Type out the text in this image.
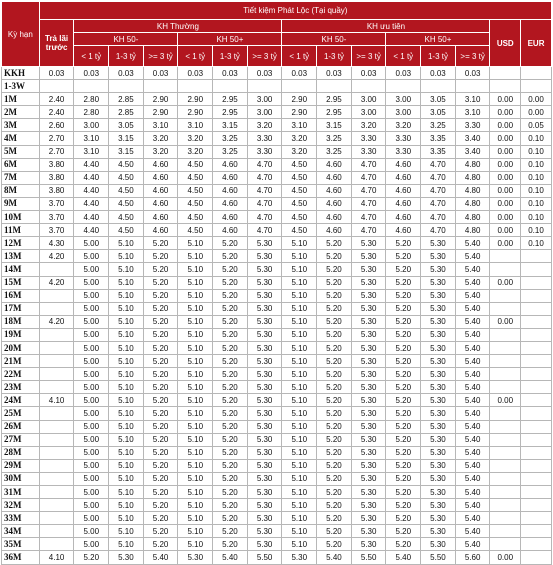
Kỳ hạn	Tiết kiệm Phát Lộc (Tại quầy)														
	Trả lãi trước	KH Thường						KH ưu tiên						USD	EUR
		KH 50-			KH 50+			KH 50-			KH 50+				
		< 1 tỷ	1-3 tỷ	>= 3 tỷ	< 1 tỷ	1-3 tỷ	>= 3 tỷ	< 1 tỷ	1-3 tỷ	>= 3 tỷ	< 1 tỷ	1-3 tỷ	>= 3 tỷ		
KKH	0.03	0.03	0.03	0.03	0.03	0.03	0.03	0.03	0.03	0.03	0.03	0.03	0.03		
1-3W															
1M	2.40	2.80	2.85	2.90	2.90	2.95	3.00	2.90	2.95	3.00	3.00	3.05	3.10	0.00	0.00
2M	2.40	2.80	2.85	2.90	2.90	2.95	3.00	2.90	2.95	3.00	3.00	3.05	3.10	0.00	0.00
3M	2.60	3.00	3.05	3.10	3.10	3.15	3.20	3.10	3.15	3.20	3.20	3.25	3.30	0.00	0.05
4M	2.70	3.10	3.15	3.20	3.20	3.25	3.30	3.20	3.25	3.30	3.30	3.35	3.40	0.00	0.10
5M	2.70	3.10	3.15	3.20	3.20	3.25	3.30	3.20	3.25	3.30	3.30	3.35	3.40	0.00	0.10
6M	3.80	4.40	4.50	4.60	4.50	4.60	4.70	4.50	4.60	4.70	4.60	4.70	4.80	0.00	0.10
7M	3.80	4.40	4.50	4.60	4.50	4.60	4.70	4.50	4.60	4.70	4.60	4.70	4.80	0.00	0.10
8M	3.80	4.40	4.50	4.60	4.50	4.60	4.70	4.50	4.60	4.70	4.60	4.70	4.80	0.00	0.10
9M	3.70	4.40	4.50	4.60	4.50	4.60	4.70	4.50	4.60	4.70	4.60	4.70	4.80	0.00	0.10
10M	3.70	4.40	4.50	4.60	4.50	4.60	4.70	4.50	4.60	4.70	4.60	4.70	4.80	0.00	0.10
11M	3.70	4.40	4.50	4.60	4.50	4.60	4.70	4.50	4.60	4.70	4.60	4.70	4.80	0.00	0.10
12M	4.30	5.00	5.10	5.20	5.10	5.20	5.30	5.10	5.20	5.30	5.20	5.30	5.40	0.00	0.10
13M	4.20	5.00	5.10	5.20	5.10	5.20	5.30	5.10	5.20	5.30	5.20	5.30	5.40		
14M		5.00	5.10	5.20	5.10	5.20	5.30	5.10	5.20	5.30	5.20	5.30	5.40		
15M	4.20	5.00	5.10	5.20	5.10	5.20	5.30	5.10	5.20	5.30	5.20	5.30	5.40	0.00	
16M		5.00	5.10	5.20	5.10	5.20	5.30	5.10	5.20	5.30	5.20	5.30	5.40		
17M		5.00	5.10	5.20	5.10	5.20	5.30	5.10	5.20	5.30	5.20	5.30	5.40		
18M	4.20	5.00	5.10	5.20	5.10	5.20	5.30	5.10	5.20	5.30	5.20	5.30	5.40	0.00	
19M		5.00	5.10	5.20	5.10	5.20	5.30	5.10	5.20	5.30	5.20	5.30	5.40		
20M		5.00	5.10	5.20	5.10	5.20	5.30	5.10	5.20	5.30	5.20	5.30	5.40		
21M		5.00	5.10	5.20	5.10	5.20	5.30	5.10	5.20	5.30	5.20	5.30	5.40		
22M		5.00	5.10	5.20	5.10	5.20	5.30	5.10	5.20	5.30	5.20	5.30	5.40		
23M		5.00	5.10	5.20	5.10	5.20	5.30	5.10	5.20	5.30	5.20	5.30	5.40		
24M	4.10	5.00	5.10	5.20	5.10	5.20	5.30	5.10	5.20	5.30	5.20	5.30	5.40	0.00	
25M		5.00	5.10	5.20	5.10	5.20	5.30	5.10	5.20	5.30	5.20	5.30	5.40		
26M		5.00	5.10	5.20	5.10	5.20	5.30	5.10	5.20	5.30	5.20	5.30	5.40		
27M		5.00	5.10	5.20	5.10	5.20	5.30	5.10	5.20	5.30	5.20	5.30	5.40		
28M		5.00	5.10	5.20	5.10	5.20	5.30	5.10	5.20	5.30	5.20	5.30	5.40		
29M		5.00	5.10	5.20	5.10	5.20	5.30	5.10	5.20	5.30	5.20	5.30	5.40		
30M		5.00	5.10	5.20	5.10	5.20	5.30	5.10	5.20	5.30	5.20	5.30	5.40		
31M		5.00	5.10	5.20	5.10	5.20	5.30	5.10	5.20	5.30	5.20	5.30	5.40		
32M		5.00	5.10	5.20	5.10	5.20	5.30	5.10	5.20	5.30	5.20	5.30	5.40		
33M		5.00	5.10	5.20	5.10	5.20	5.30	5.10	5.20	5.30	5.20	5.30	5.40		
34M		5.00	5.10	5.20	5.10	5.20	5.30	5.10	5.20	5.30	5.20	5.30	5.40		
35M		5.00	5.10	5.20	5.10	5.20	5.30	5.10	5.20	5.30	5.20	5.30	5.40		
36M	4.10	5.20	5.30	5.40	5.30	5.40	5.50	5.30	5.40	5.50	5.40	5.50	5.60	0.00	
